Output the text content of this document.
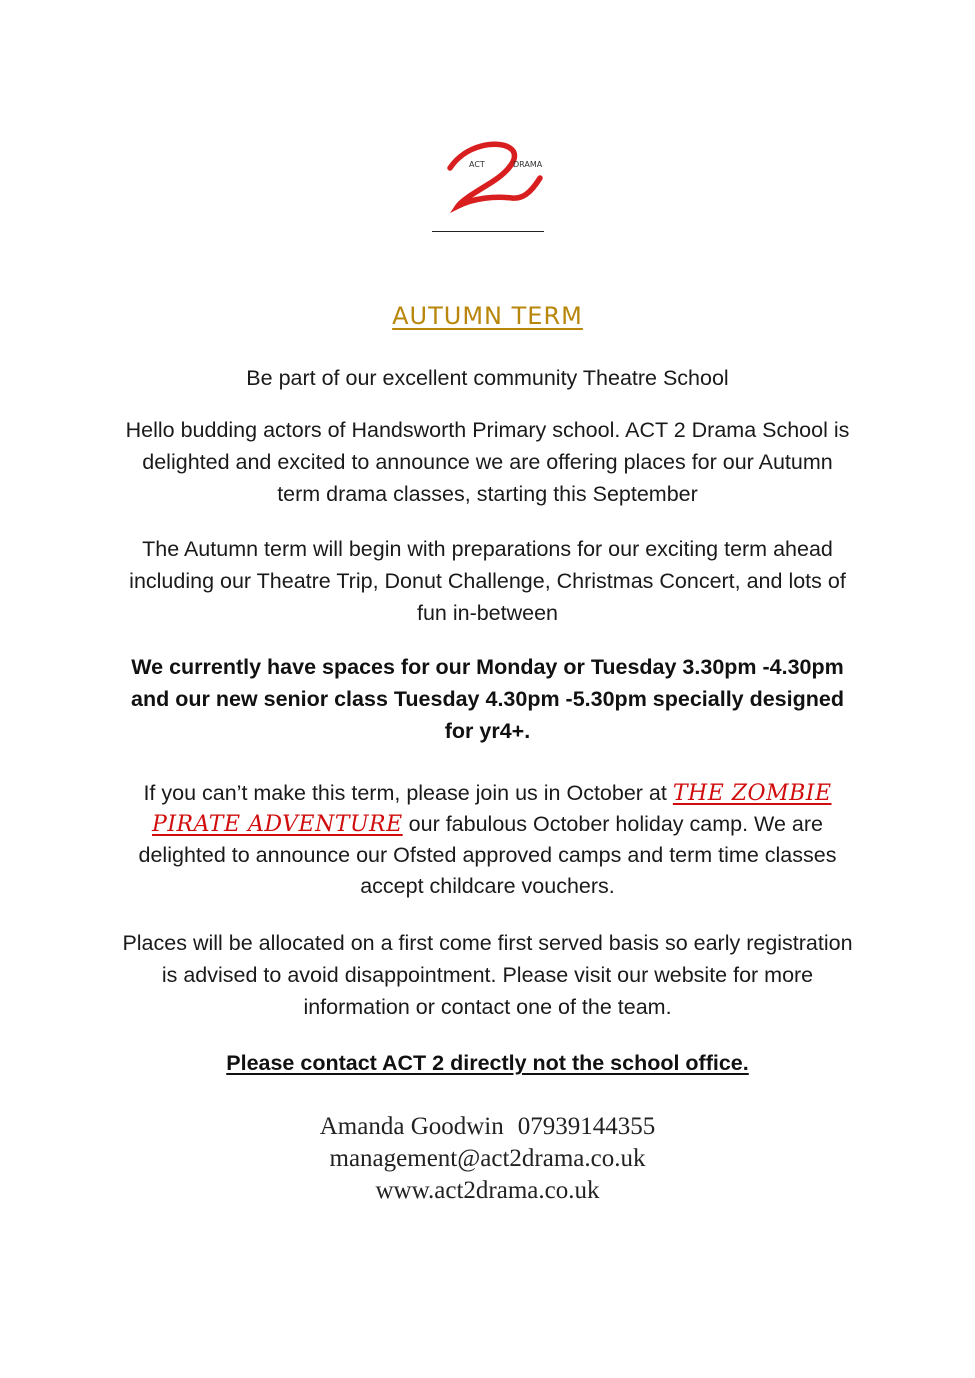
ACT	DRAMA
AUTUMN TERM
Be part of our excellent community Theatre School
Hello budding actors of Handsworth Primary school. ACT 2 Drama School is delighted and excited to announce we are offering places for our Autumn term drama classes, starting this September
The Autumn term will begin with preparations for our exciting term ahead including our Theatre Trip, Donut Challenge, Christmas Concert, and lots of fun in-between
We currently have spaces for our Monday or Tuesday 3.30pm -4.30pm and our new senior class Tuesday 4.30pm -5.30pm specially designed for yr4+.
If you can’t make this term, please join us in October at THE ZOMBIE PIRATE ADVENTURE our fabulous October holiday camp. We are delighted to announce our Ofsted approved camps and term time classes accept childcare vouchers.
Places will be allocated on a first come first served basis so early registration is advised to avoid disappointment. Please visit our website for more information or contact one of the team.
Please contact ACT 2 directly not the school office.
Amanda Goodwin 07939144355
management@act2drama.co.uk
www.act2drama.co.uk
